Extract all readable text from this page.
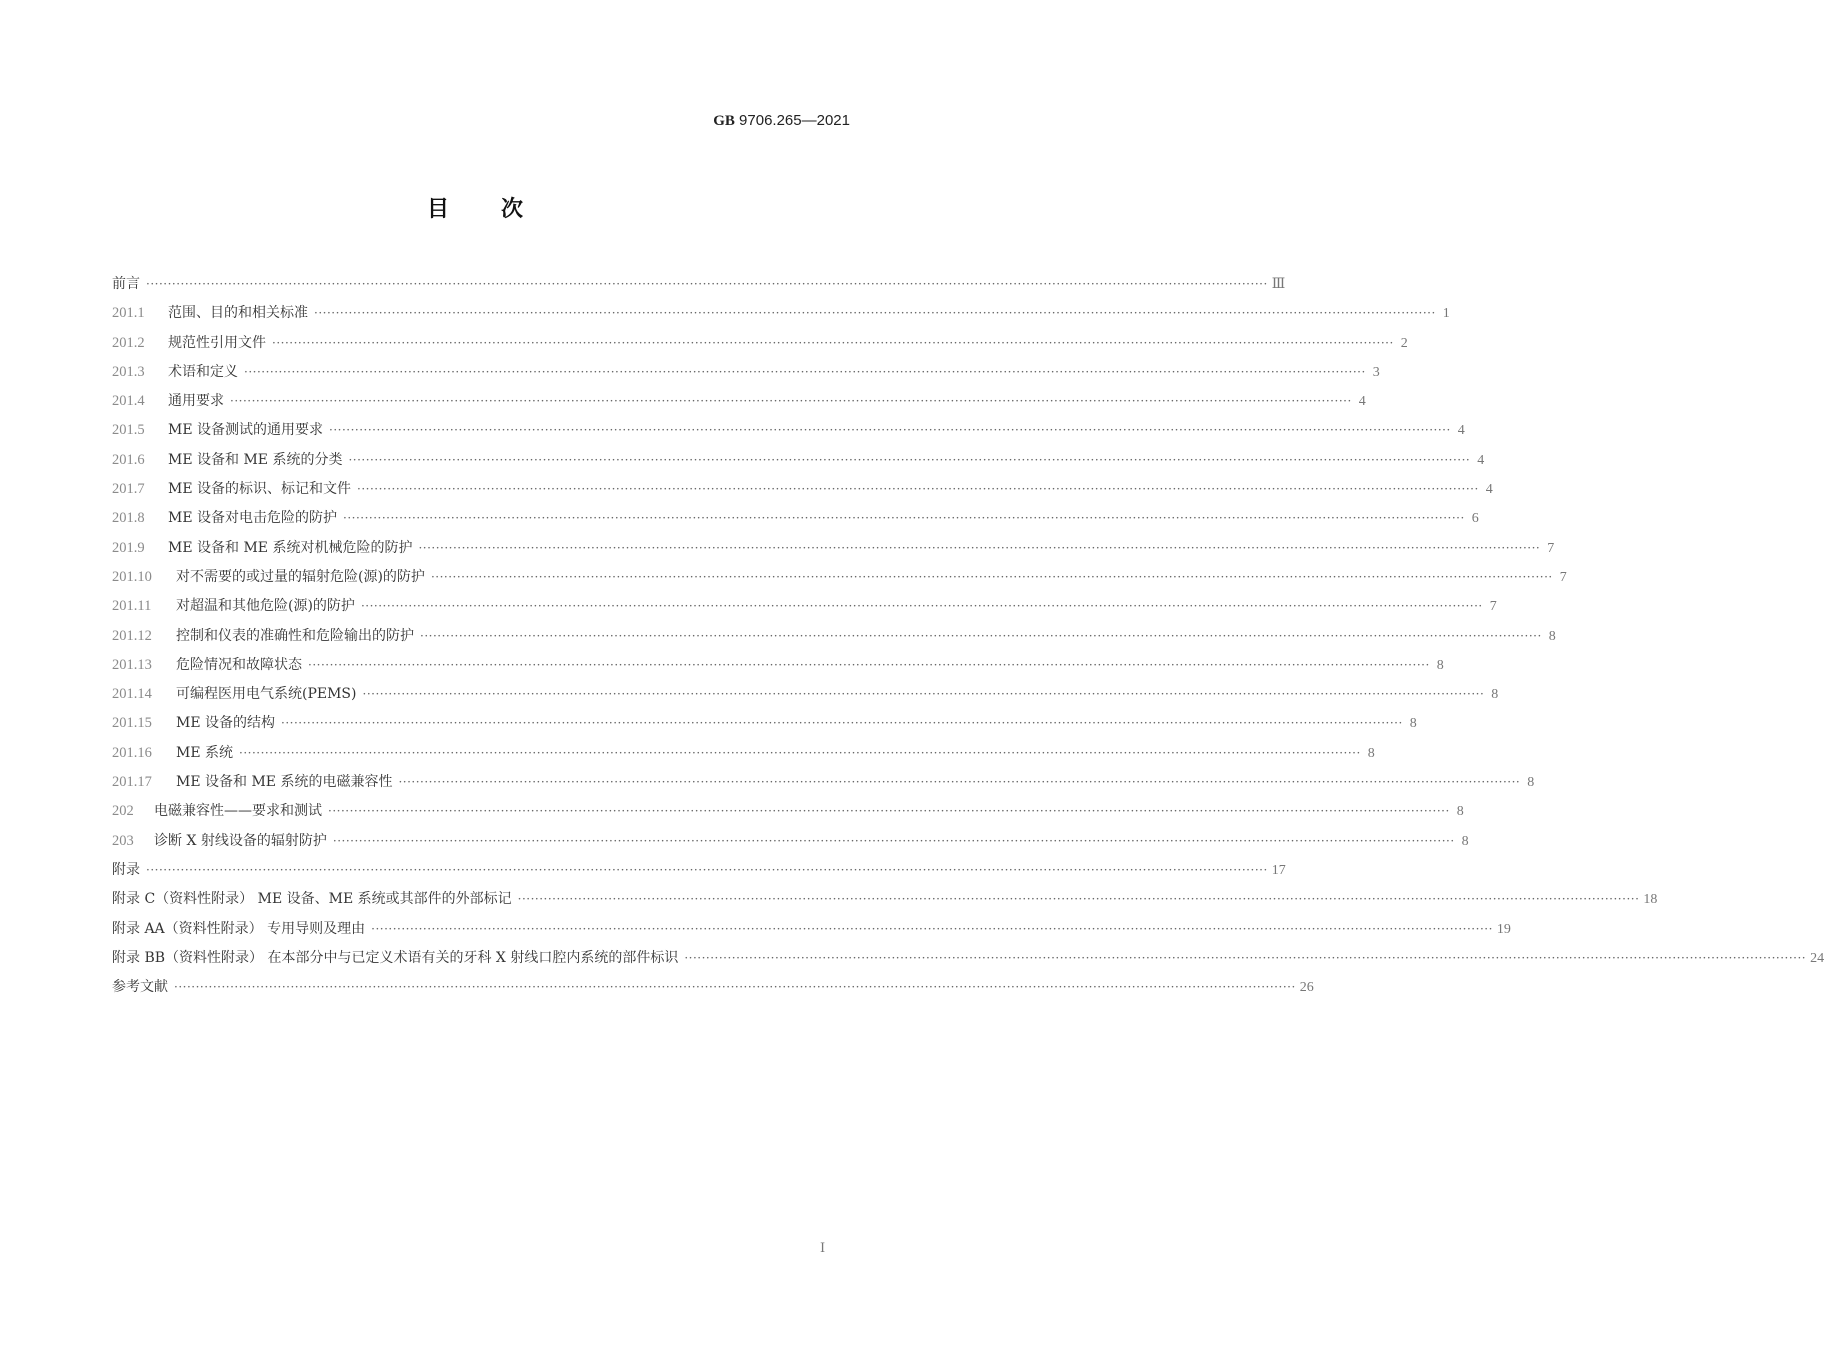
GB 9706.265—2021
目次
前言 ···································································································································································································································································· Ⅲ
201.1	范围、目的和相关标准 ···································································································································································································································································· 1
201.2	规范性引用文件 ···································································································································································································································································· 2
201.3	术语和定义 ···································································································································································································································································· 3
201.4	通用要求 ···································································································································································································································································· 4
201.5	ME 设备测试的通用要求 ···································································································································································································································································· 4
201.6	ME 设备和 ME 系统的分类 ···································································································································································································································································· 4
201.7	ME 设备的标识、标记和文件 ···································································································································································································································································· 4
201.8	ME 设备对电击危险的防护 ···································································································································································································································································· 6
201.9	ME 设备和 ME 系统对机械危险的防护 ···································································································································································································································································· 7
201.10	对不需要的或过量的辐射危险(源)的防护 ···································································································································································································································································· 7
201.11	对超温和其他危险(源)的防护 ···································································································································································································································································· 7
201.12	控制和仪表的准确性和危险输出的防护 ···································································································································································································································································· 8
201.13	危险情况和故障状态 ···································································································································································································································································· 8
201.14	可编程医用电气系统(PEMS) ···································································································································································································································································· 8
201.15	ME 设备的结构 ···································································································································································································································································· 8
201.16	ME 系统 ···································································································································································································································································· 8
201.17	ME 设备和 ME 系统的电磁兼容性 ···································································································································································································································································· 8
202	电磁兼容性——要求和测试 ···································································································································································································································································· 8
203	诊断 X 射线设备的辐射防护 ···································································································································································································································································· 8
附录 ···································································································································································································································································· 17
附录 C（资料性附录） ME 设备、ME 系统或其部件的外部标记 ···································································································································································································································································· 18
附录 AA（资料性附录） 专用导则及理由 ···································································································································································································································································· 19
附录 BB（资料性附录） 在本部分中与已定义术语有关的牙科 X 射线口腔内系统的部件标识 ···································································································································································································································································· 24
参考文献 ···································································································································································································································································· 26
Ⅰ
